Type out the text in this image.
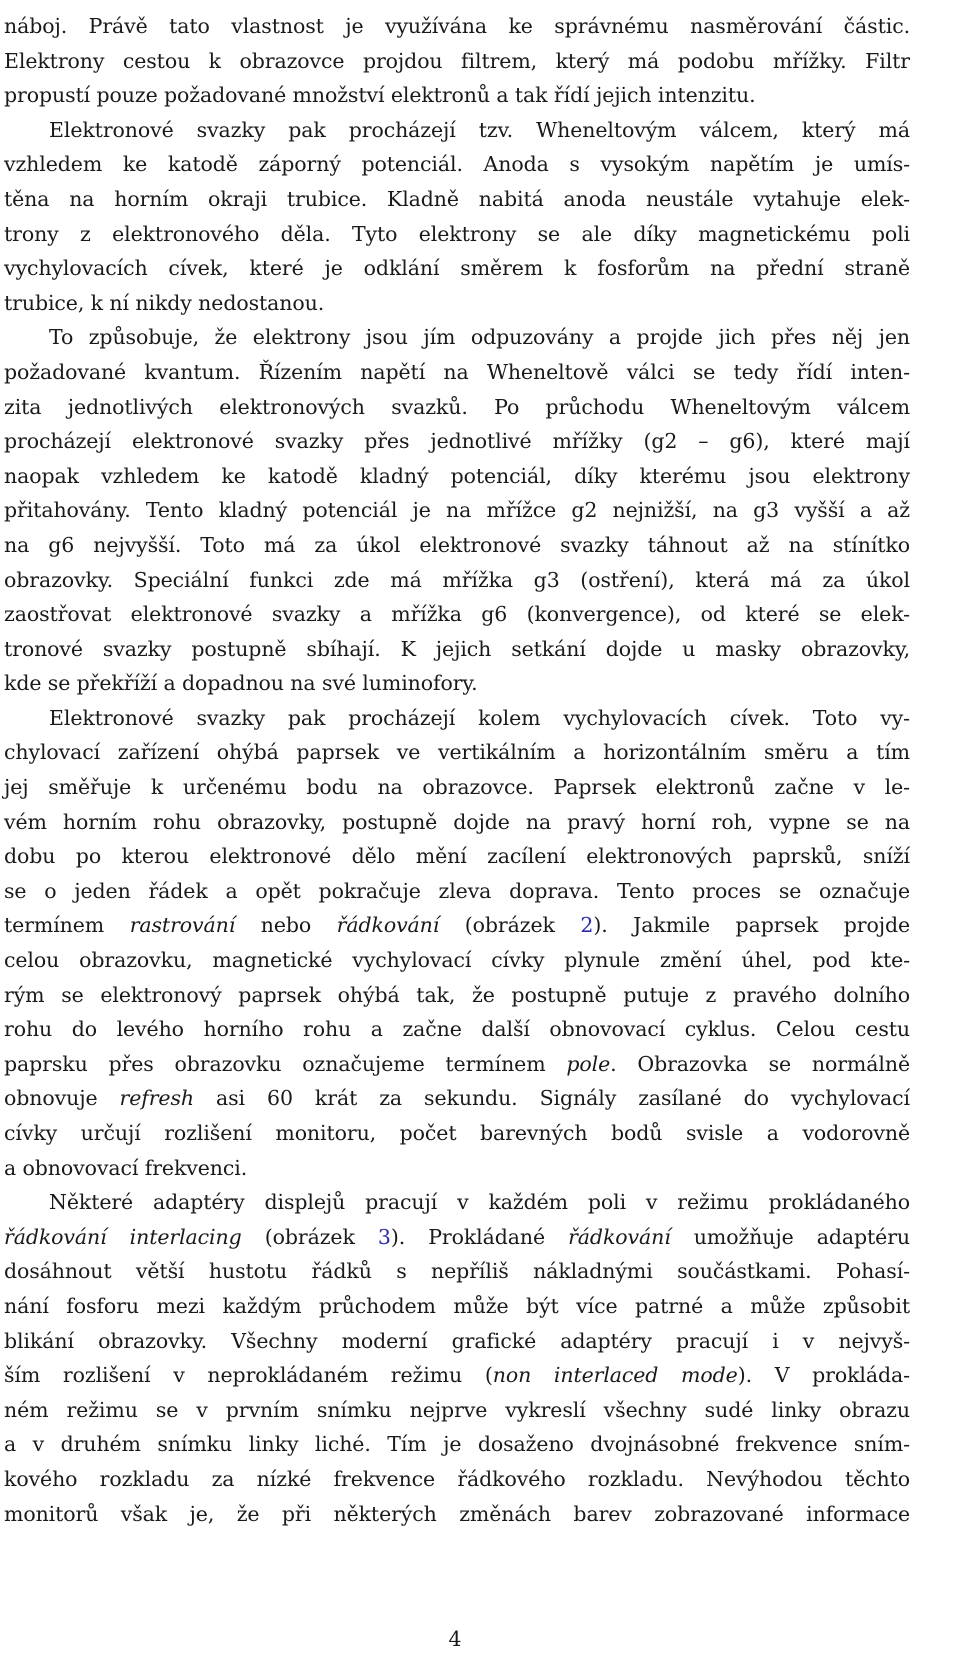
náboj. Právě tato vlastnost je využívána ke správnému nasměrování částic.
Elektrony cestou k obrazovce projdou filtrem, který má podobu mřížky. Filtr
propustí pouze požadované množství elektronů a tak řídí jejich intenzitu.
Elektronové svazky pak procházejí tzv. Wheneltovým válcem, který má
vzhledem ke katodě záporný potenciál. Anoda s vysokým napětím je umís-
těna na horním okraji trubice. Kladně nabitá anoda neustále vytahuje elek-
trony z elektronového děla. Tyto elektrony se ale díky magnetickému poli
vychylovacích cívek, které je odklání směrem k fosforům na přední straně
trubice, k ní nikdy nedostanou.
To způsobuje, že elektrony jsou jím odpuzovány a projde jich přes něj jen
požadované kvantum. Řízením napětí na Wheneltově válci se tedy řídí inten-
zita jednotlivých elektronových svazků. Po průchodu Wheneltovým válcem
procházejí elektronové svazky přes jednotlivé mřížky (g2 – g6), které mají
naopak vzhledem ke katodě kladný potenciál, díky kterému jsou elektrony
přitahovány. Tento kladný potenciál je na mřížce g2 nejnižší, na g3 vyšší a až
na g6 nejvyšší. Toto má za úkol elektronové svazky táhnout až na stínítko
obrazovky. Speciální funkci zde má mřížka g3 (ostření), která má za úkol
zaostřovat elektronové svazky a mřížka g6 (konvergence), od které se elek-
tronové svazky postupně sbíhají. K jejich setkání dojde u masky obrazovky,
kde se překříží a dopadnou na své luminofory.
Elektronové svazky pak procházejí kolem vychylovacích cívek. Toto vy-
chylovací zařízení ohýbá paprsek ve vertikálním a horizontálním směru a tím
jej směřuje k určenému bodu na obrazovce. Paprsek elektronů začne v le-
vém horním rohu obrazovky, postupně dojde na pravý horní roh, vypne se na
dobu po kterou elektronové dělo mění zacílení elektronových paprsků, sníží
se o jeden řádek a opět pokračuje zleva doprava. Tento proces se označuje
termínem rastrování nebo řádkování (obrázek 2). Jakmile paprsek projde
celou obrazovku, magnetické vychylovací cívky plynule změní úhel, pod kte-
rým se elektronový paprsek ohýbá tak, že postupně putuje z pravého dolního
rohu do levého horního rohu a začne další obnovovací cyklus. Celou cestu
paprsku přes obrazovku označujeme termínem pole. Obrazovka se normálně
obnovuje refresh asi 60 krát za sekundu. Signály zasílané do vychylovací
cívky určují rozlišení monitoru, počet barevných bodů svisle a vodorovně
a obnovovací frekvenci.
Některé adaptéry displejů pracují v každém poli v režimu prokládaného
řádkování interlacing (obrázek 3). Prokládané řádkování umožňuje adaptéru
dosáhnout větší hustotu řádků s nepříliš nákladnými součástkami. Pohasí-
nání fosforu mezi každým průchodem může být více patrné a může způsobit
blikání obrazovky. Všechny moderní grafické adaptéry pracují i v nejvyš-
ším rozlišení v neprokládaném režimu (non interlaced mode). V prokláda-
ném režimu se v prvním snímku nejprve vykreslí všechny sudé linky obrazu
a v druhém snímku linky liché. Tím je dosaženo dvojnásobné frekvence sním-
kového rozkladu za nízké frekvence řádkového rozkladu. Nevýhodou těchto
monitorů však je, že při některých změnách barev zobrazované informace
4
